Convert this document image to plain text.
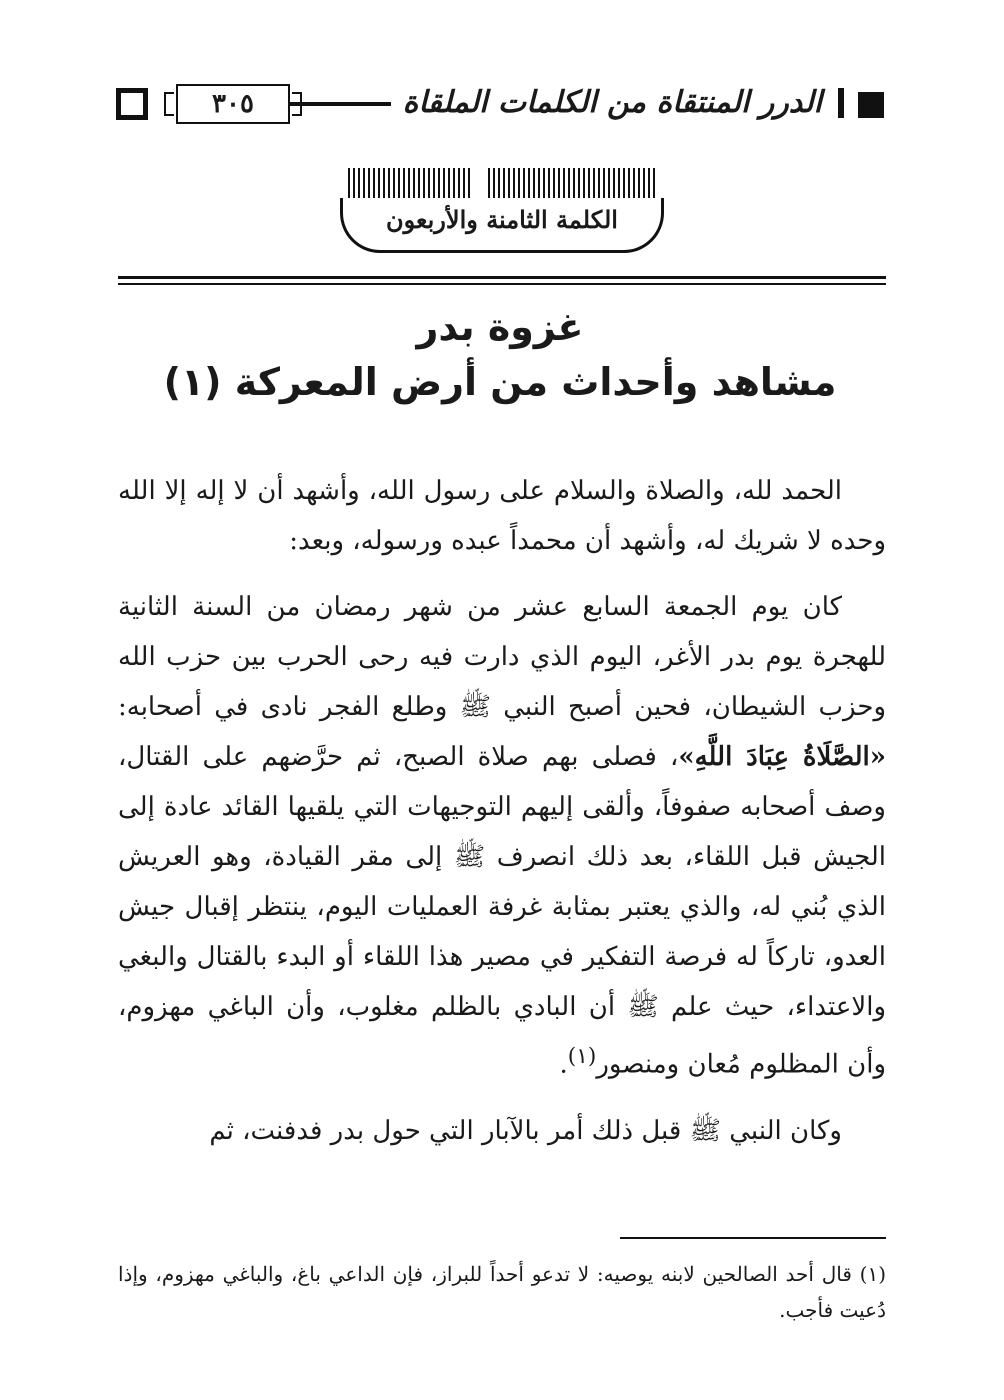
٣٠٥	الدرر المنتقاة من الكلمات الملقاة
الكلمة الثامنة والأربعون
غزوة بدر
مشاهد وأحداث من أرض المعركة (١)

الحمد لله، والصلاة والسلام على رسول الله، وأشهد أن لا إله إلا الله وحده لا شريك له، وأشهد أن محمداً عبده ورسوله، وبعد:

كان يوم الجمعة السابع عشر من شهر رمضان من السنة الثانية للهجرة يوم بدر الأغر، اليوم الذي دارت فيه رحى الحرب بين حزب الله وحزب الشيطان، فحين أصبح النبي ﷺ وطلع الفجر نادى في أصحابه: «الصَّلَاةُ عِبَادَ اللَّهِ»، فصلى بهم صلاة الصبح، ثم حرَّضهم على القتال، وصف أصحابه صفوفاً، وألقى إليهم التوجيهات التي يلقيها القائد عادة إلى الجيش قبل اللقاء، بعد ذلك انصرف ﷺ إلى مقر القيادة، وهو العريش الذي بُني له، والذي يعتبر بمثابة غرفة العمليات اليوم، ينتظر إقبال جيش العدو، تاركاً له فرصة التفكير في مصير هذا اللقاء أو البدء بالقتال والبغي والاعتداء، حيث علم ﷺ أن البادي بالظلم مغلوب، وأن الباغي مهزوم، وأن المظلوم مُعان ومنصور$^{(١)}$.

وكان النبي ﷺ قبل ذلك أمر بالآبار التي حول بدر فدفنت، ثم

(١) قال أحد الصالحين لابنه يوصيه: لا تدعو أحداً للبراز، فإن الداعي باغ، والباغي مهزوم، وإذا دُعيت فأجب.
